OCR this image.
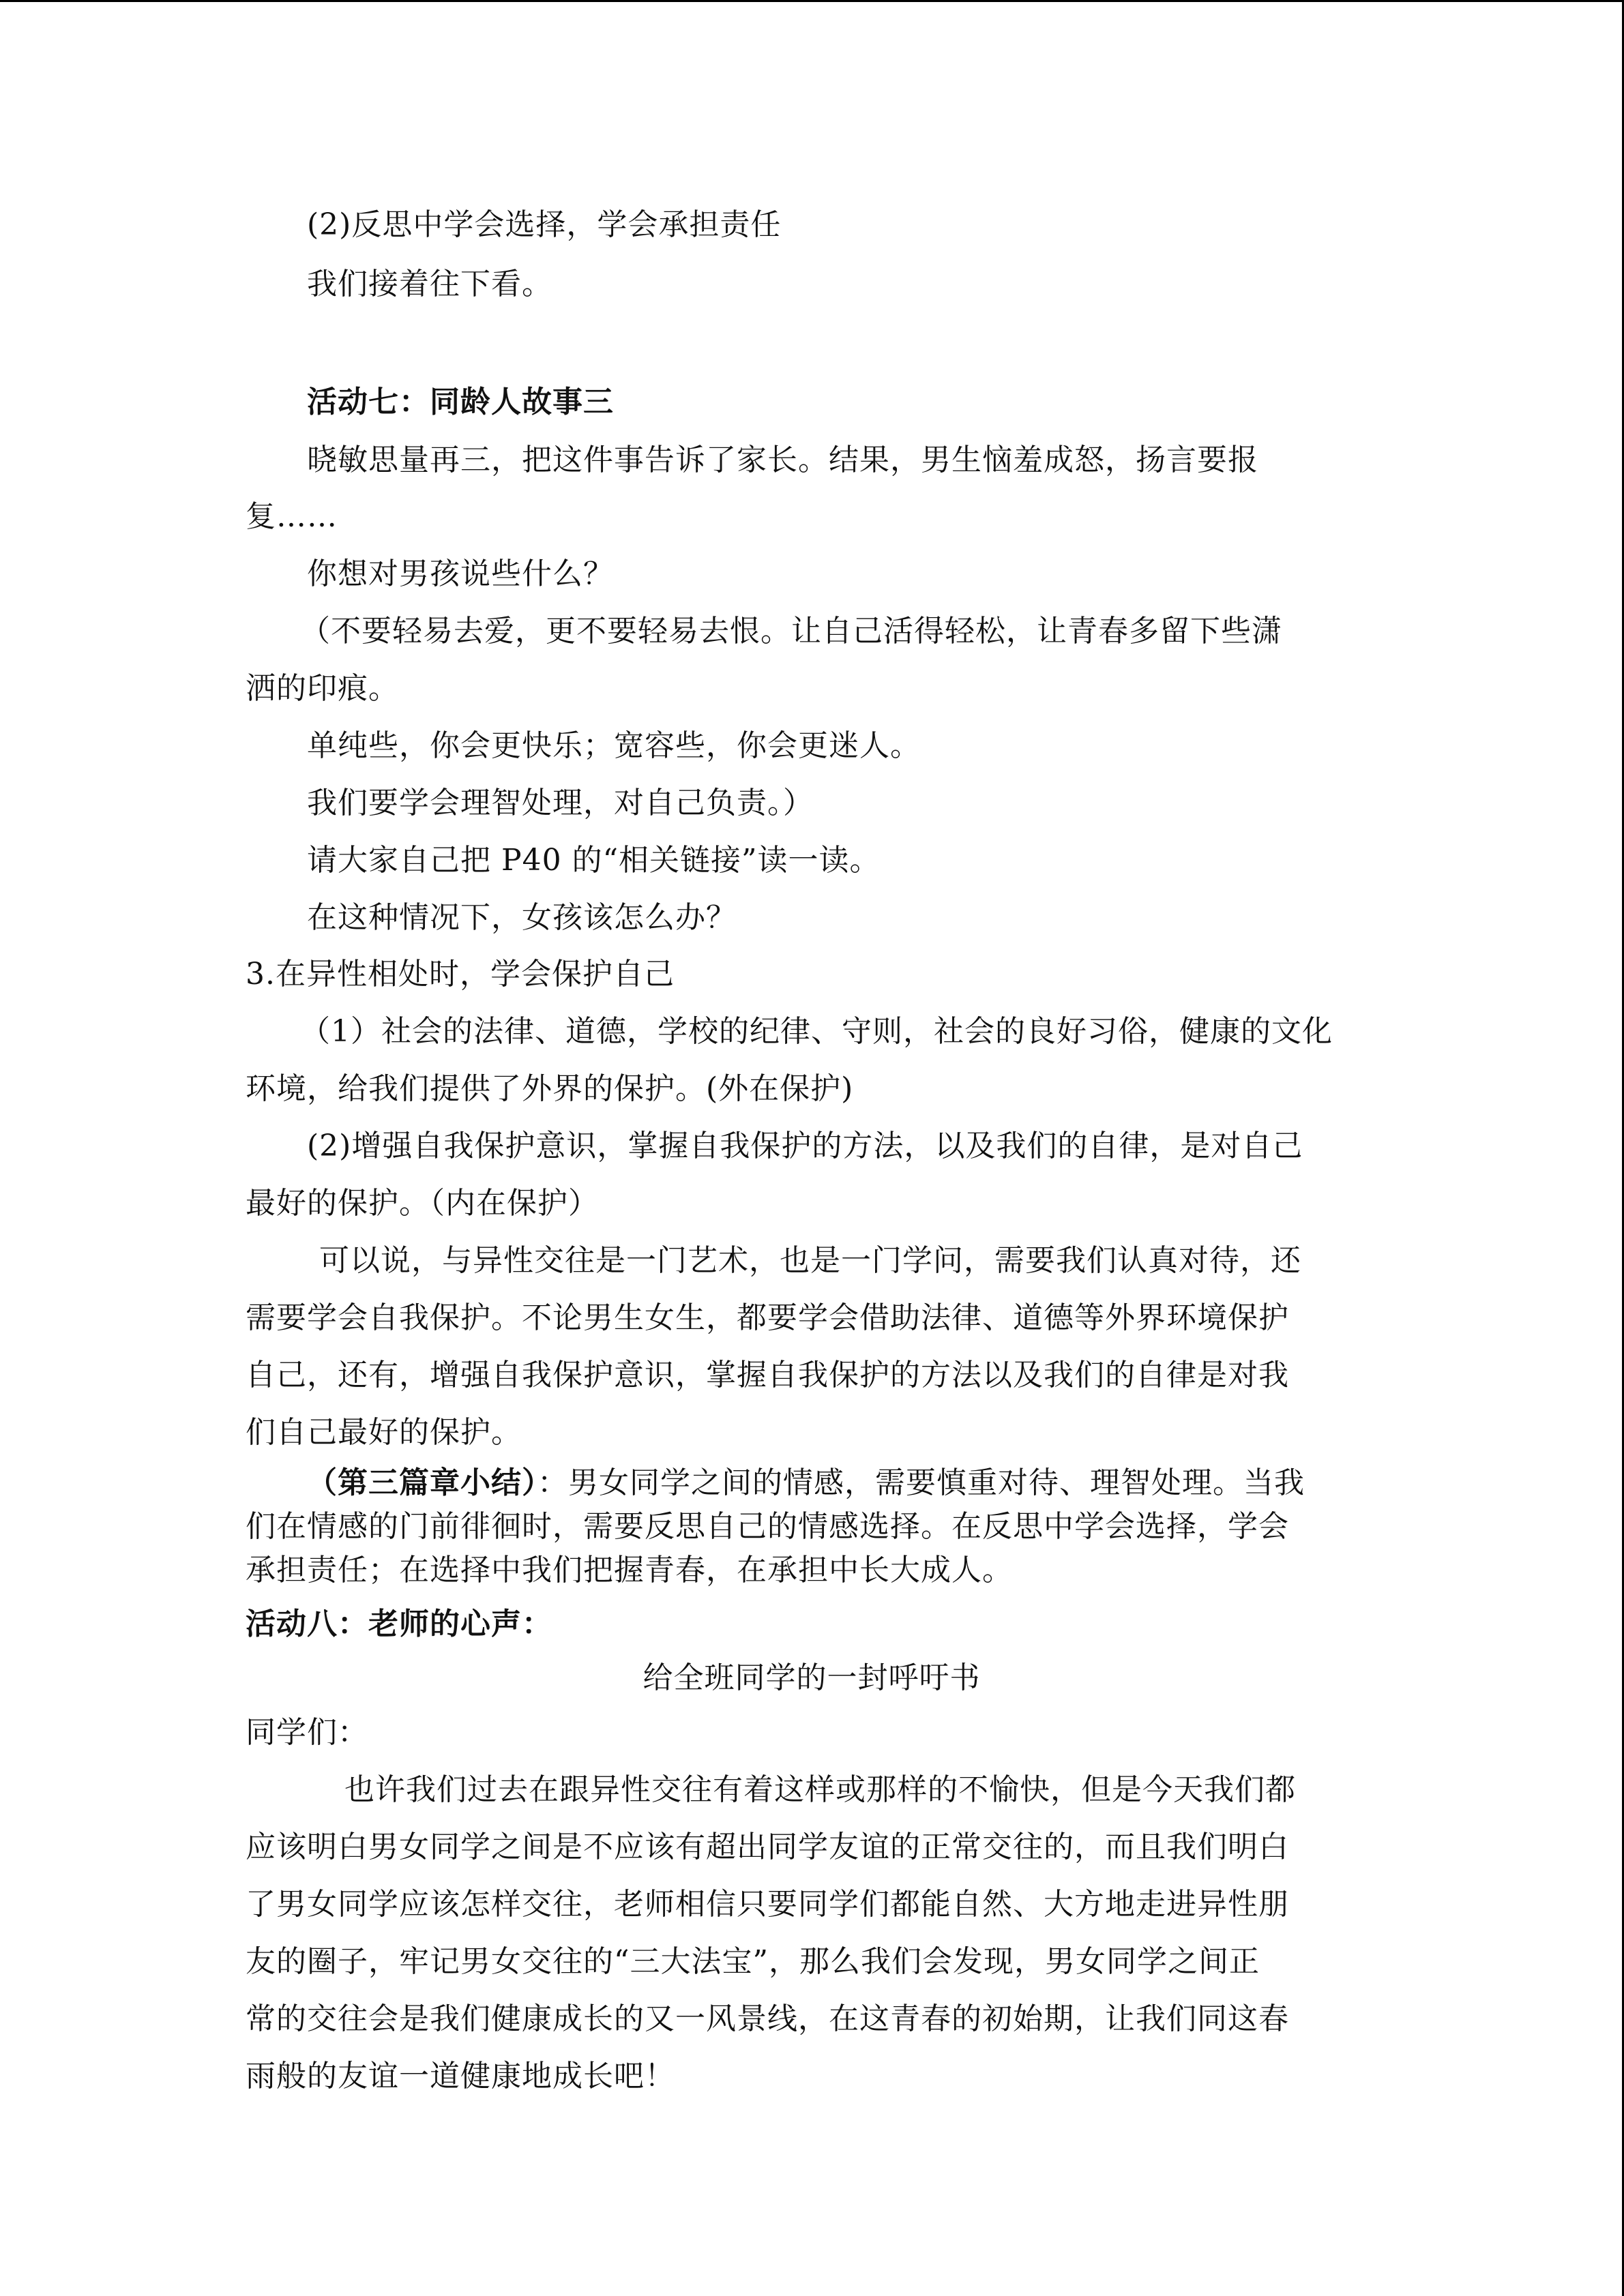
(2)反思中学会选择，学会承担责任
我们接着往下看。
活动七：同龄人故事三
晓敏思量再三，把这件事告诉了家长。结果，男生恼羞成怒，扬言要报
复……
你想对男孩说些什么？
（不要轻易去爱，更不要轻易去恨。让自己活得轻松，让青春多留下些潇
洒的印痕。
单纯些，你会更快乐；宽容些，你会更迷人。
我们要学会理智处理，对自己负责。）
请大家自己把 P40 的“相关链接”读一读。
在这种情况下，女孩该怎么办？
3.在异性相处时，学会保护自己
（1）社会的法律、道德，学校的纪律、守则，社会的良好习俗，健康的文化
环境，给我们提供了外界的保护。(外在保护)
(2)增强自我保护意识，掌握自我保护的方法，以及我们的自律，是对自己
最好的保护。（内在保护）
可以说，与异性交往是一门艺术，也是一门学问，需要我们认真对待，还
需要学会自我保护。不论男生女生，都要学会借助法律、道德等外界环境保护
自己，还有，增强自我保护意识，掌握自我保护的方法以及我们的自律是对我
们自己最好的保护。
（第三篇章小结）：男女同学之间的情感，需要慎重对待、理智处理。当我
们在情感的门前徘徊时，需要反思自己的情感选择。在反思中学会选择，学会
承担责任；在选择中我们把握青春，在承担中长大成人。
活动八：老师的心声：
给全班同学的一封呼吁书
同学们：
也许我们过去在跟异性交往有着这样或那样的不愉快，但是今天我们都
应该明白男女同学之间是不应该有超出同学友谊的正常交往的，而且我们明白
了男女同学应该怎样交往，老师相信只要同学们都能自然、大方地走进异性朋
友的圈子，牢记男女交往的“三大法宝”，那么我们会发现，男女同学之间正
常的交往会是我们健康成长的又一风景线，在这青春的初始期，让我们同这春
雨般的友谊一道健康地成长吧！
